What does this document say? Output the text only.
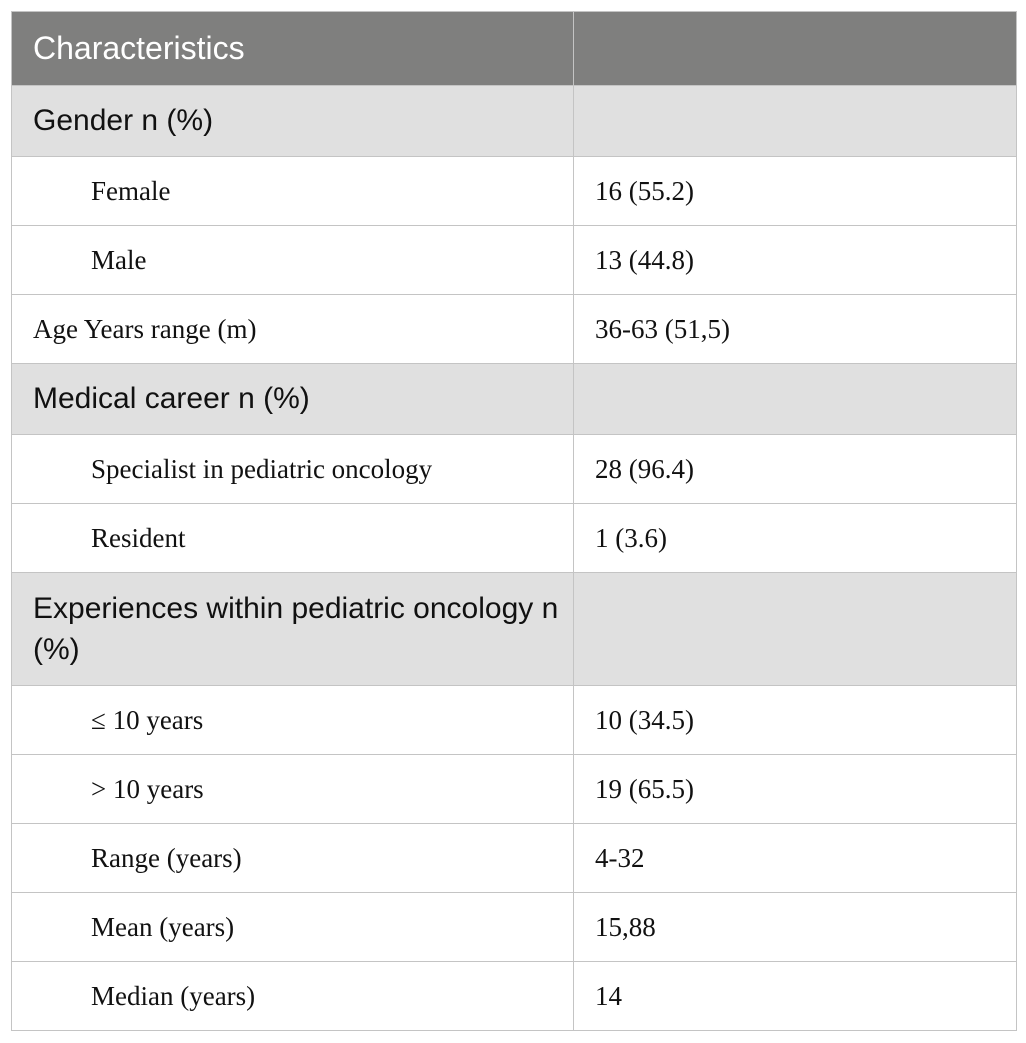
Characteristics	
Gender n (%)	
Female	16 (55.2)
Male	13 (44.8)
Age Years range (m)	36-63 (51,5)
Medical career n (%)	
Specialist in pediatric oncology	28 (96.4)
Resident	1 (3.6)
Experiences within pediatric oncology n (%)	
≤ 10 years	10 (34.5)
> 10 years	19 (65.5)
Range (years)	4-32
Mean (years)	15,88
Median (years)	14
